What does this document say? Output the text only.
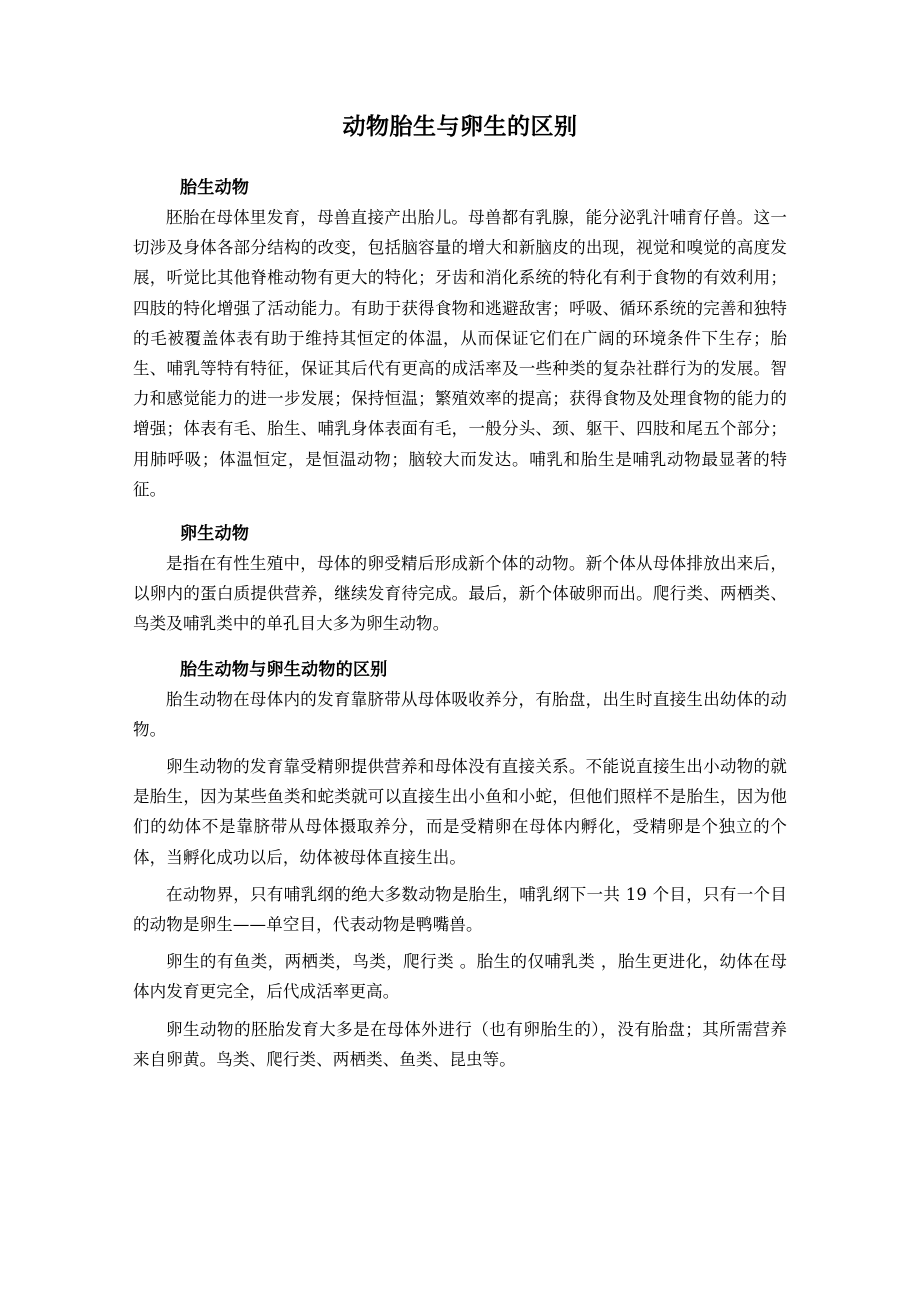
动物胎生与卵生的区别
胎生动物

胚胎在母体里发育，母兽直接产出胎儿。母兽都有乳腺，能分泌乳汁哺育仔兽。这一切涉及身体各部分结构的改变，包括脑容量的增大和新脑皮的出现，视觉和嗅觉的高度发展，听觉比其他脊椎动物有更大的特化；牙齿和消化系统的特化有利于食物的有效利用；四肢的特化增强了活动能力。有助于获得食物和逃避敌害；呼吸、循环系统的完善和独特的毛被覆盖体表有助于维持其恒定的体温，从而保证它们在广阔的环境条件下生存；胎生、哺乳等特有特征，保证其后代有更高的成活率及一些种类的复杂社群行为的发展。智力和感觉能力的进一步发展；保持恒温；繁殖效率的提高；获得食物及处理食物的能力的增强；体表有毛、胎生、哺乳身体表面有毛，一般分头、颈、躯干、四肢和尾五个部分；用肺呼吸；体温恒定，是恒温动物；脑较大而发达。哺乳和胎生是哺乳动物最显著的特征。

卵生动物

是指在有性生殖中，母体的卵受精后形成新个体的动物。新个体从母体排放出来后，以卵内的蛋白质提供营养，继续发育待完成。最后，新个体破卵而出。爬行类、两栖类、鸟类及哺乳类中的单孔目大多为卵生动物。

胎生动物与卵生动物的区别

胎生动物在母体内的发育靠脐带从母体吸收养分，有胎盘，出生时直接生出幼体的动物。

卵生动物的发育靠受精卵提供营养和母体没有直接关系。不能说直接生出小动物的就是胎生，因为某些鱼类和蛇类就可以直接生出小鱼和小蛇，但他们照样不是胎生，因为他们的幼体不是靠脐带从母体摄取养分，而是受精卵在母体内孵化，受精卵是个独立的个体，当孵化成功以后，幼体被母体直接生出。

在动物界，只有哺乳纲的绝大多数动物是胎生，哺乳纲下一共 19 个目，只有一个目的动物是卵生——单空目，代表动物是鸭嘴兽。

卵生的有鱼类，两栖类，鸟类，爬行类 。胎生的仅哺乳类 ，胎生更进化，幼体在母体内发育更完全，后代成活率更高。

卵生动物的胚胎发育大多是在母体外进行（也有卵胎生的），没有胎盘；其所需营养来自卵黄。鸟类、爬行类、两栖类、鱼类、昆虫等。
